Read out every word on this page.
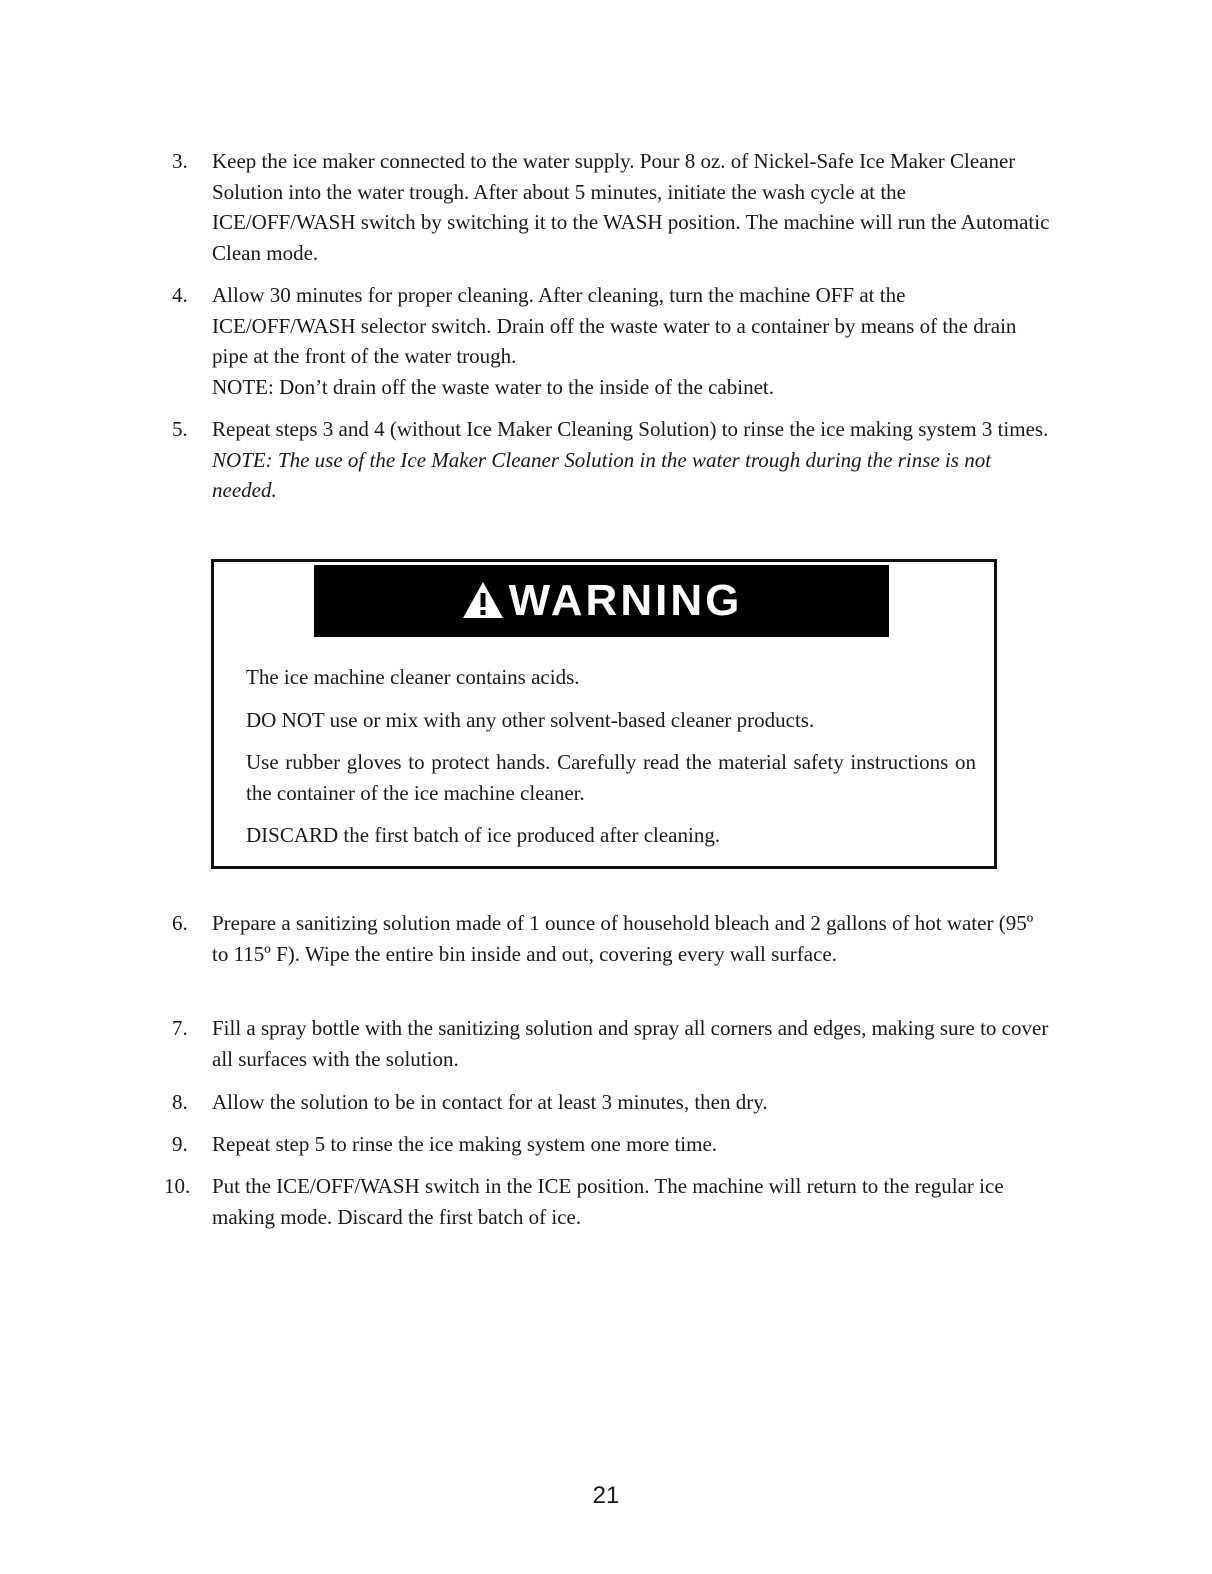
3.	Keep the ice maker connected to the water supply. Pour 8 oz. of Nickel-Safe Ice Maker Cleaner Solution into the water trough. After about 5 minutes, initiate the wash cycle at the ICE/OFF/WASH switch by switching it to the WASH position. The machine will run the Automatic Clean mode.

4.	Allow 30 minutes for proper cleaning. After cleaning, turn the machine OFF at the ICE/OFF/WASH selector switch. Drain off the waste water to a container by means of the drain pipe at the front of the water trough.

NOTE: Don’t drain off the waste water to the inside of the cabinet.

5.	Repeat steps 3 and 4 (without Ice Maker Cleaning Solution) to rinse the ice making system 3 times.

NOTE: The use of the Ice Maker Cleaner Solution in the water trough during the rinse is not needed.

WARNING

The ice machine cleaner contains acids.

DO NOT use or mix with any other solvent-based cleaner products.

Use rubber gloves to protect hands. Carefully read the material safety instructions on the container of the ice machine cleaner.

DISCARD the first batch of ice produced after cleaning.

6.	Prepare a sanitizing solution made of 1 ounce of household bleach and 2 gallons of hot water (95º to 115º F). Wipe the entire bin inside and out, covering every wall surface.

7.	Fill a spray bottle with the sanitizing solution and spray all corners and edges, making sure to cover all surfaces with the solution.

8.	Allow the solution to be in contact for at least 3 minutes, then dry.

9.	Repeat step 5 to rinse the ice making system one more time.

10.	Put the ICE/OFF/WASH switch in the ICE position. The machine will return to the regular ice making mode. Discard the first batch of ice.

21
